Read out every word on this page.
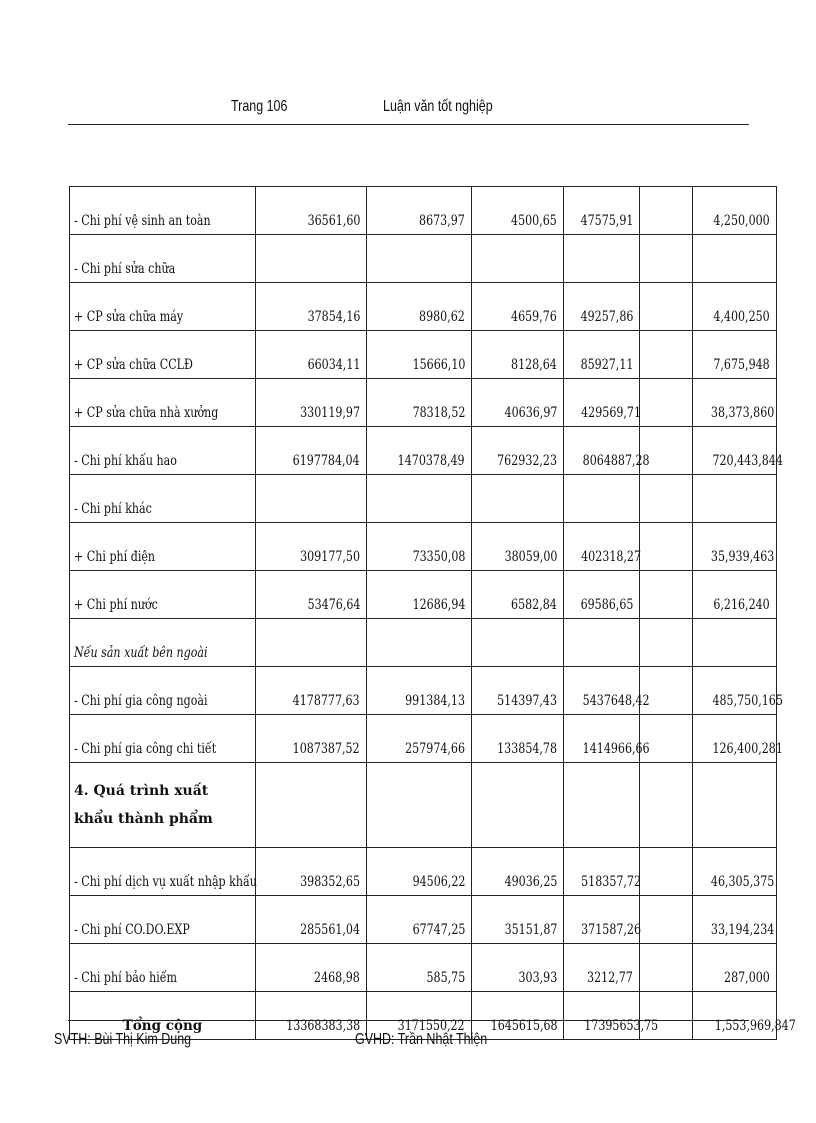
Trang 106	Luận văn tốt nghiệp
- Chi phí vệ sinh an toàn	36561,60	8673,97	4500,65	47575,91		4,250,000
- Chi phí sửa chữa						
+ CP sửa chữa máy	37854,16	8980,62	4659,76	49257,86		4,400,250
+ CP sửa chữa CCLĐ	66034,11	15666,10	8128,64	85927,11		7,675,948
+ CP sửa chữa nhà xưởng	330119,97	78318,52	40636,97	429569,71		38,373,860
- Chi phí khấu hao	6197784,04	1470378,49	762932,23	8064887,28		720,443,844
- Chi phí khác						
+ Chi phí điện	309177,50	73350,08	38059,00	402318,27		35,939,463
+ Chi phí nước	53476,64	12686,94	6582,84	69586,65		6,216,240
Nếu sản xuất bên ngoài						
- Chi phí gia công ngoài	4178777,63	991384,13	514397,43	5437648,42		485,750,165
- Chi phí gia công chi tiết	1087387,52	257974,66	133854,78	1414966,66		126,400,281
4. Quá trình xuất khẩu thành phẩm						
- Chi phí dịch vụ xuất nhập khẩu	398352,65	94506,22	49036,25	518357,72		46,305,375
- Chi phí CO.DO.EXP	285561,04	67747,25	35151,87	371587,26		33,194,234
- Chi phí bảo hiểm	2468,98	585,75	303,93	3212,77		287,000
Tổng cộng	13368383,38	3171550,22	1645615,68	17395653,75		1,553,969,847
SVTH: Bùi Thị Kim Dung	GVHD: Trần Nhật Thiện
